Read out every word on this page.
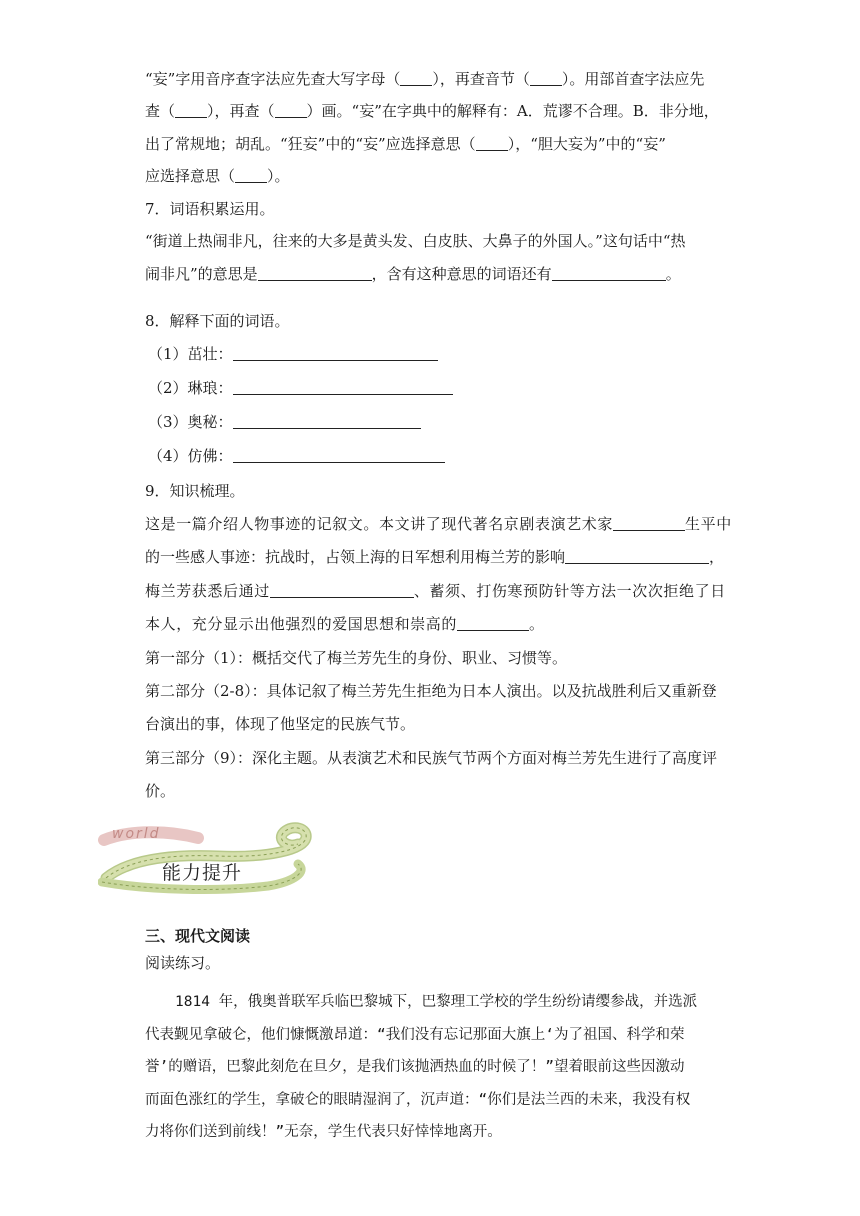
“妄”字用音序查字法应先查大写字母（ ），再查音节（ ）。用部首查字法应先
查（ ），再查（ ）画。“妄”在字典中的解释有：A．荒谬不合理。B．非分地，
出了常规地；胡乱。“狂妄”中的“妄”应选择意思（ ），“胆大妄为”中的“妄”
应选择意思（ ）。
7．词语积累运用。
“街道上热闹非凡，往来的大多是黄头发、白皮肤、大鼻子的外国人。”这句话中“热
闹非凡”的意思是	，含有这种意思的词语还有	。
8．解释下面的词语。
（1）茁壮：
（2）琳琅：
（3）奥秘：
（4）仿佛：
9．知识梳理。
这是一篇介绍人物事迹的记叙文。本文讲了现代著名京剧表演艺术家	生平中
的一些感人事迹：抗战时，占领上海的日军想利用梅兰芳的影响	，
梅兰芳获悉后通过	、蓄须、打伤寒预防针等方法一次次拒绝了日
本人，充分显示出他强烈的爱国思想和崇高的	。
第一部分（1）：概括交代了梅兰芳先生的身份、职业、习惯等。
第二部分（2-8）：具体记叙了梅兰芳先生拒绝为日本人演出。以及抗战胜利后又重新登
台演出的事，体现了他坚定的民族气节。
第三部分（9）：深化主题。从表演艺术和民族气节两个方面对梅兰芳先生进行了高度评
价。
三、现代文阅读
阅读练习。

1814 年，俄奥普联军兵临巴黎城下，巴黎理工学校的学生纷纷请缨参战，并选派

代表觐见拿破仑，他们慷慨激昂道：“我们没有忘记那面大旗上‘为了祖国、科学和荣

誉’的赠语，巴黎此刻危在旦夕，是我们该抛洒热血的时候了！”望着眼前这些因激动

而面色涨红的学生，拿破仑的眼睛湿润了，沉声道：“你们是法兰西的未来，我没有权

力将你们送到前线！”无奈，学生代表只好悻悻地离开。

world
能力提升
